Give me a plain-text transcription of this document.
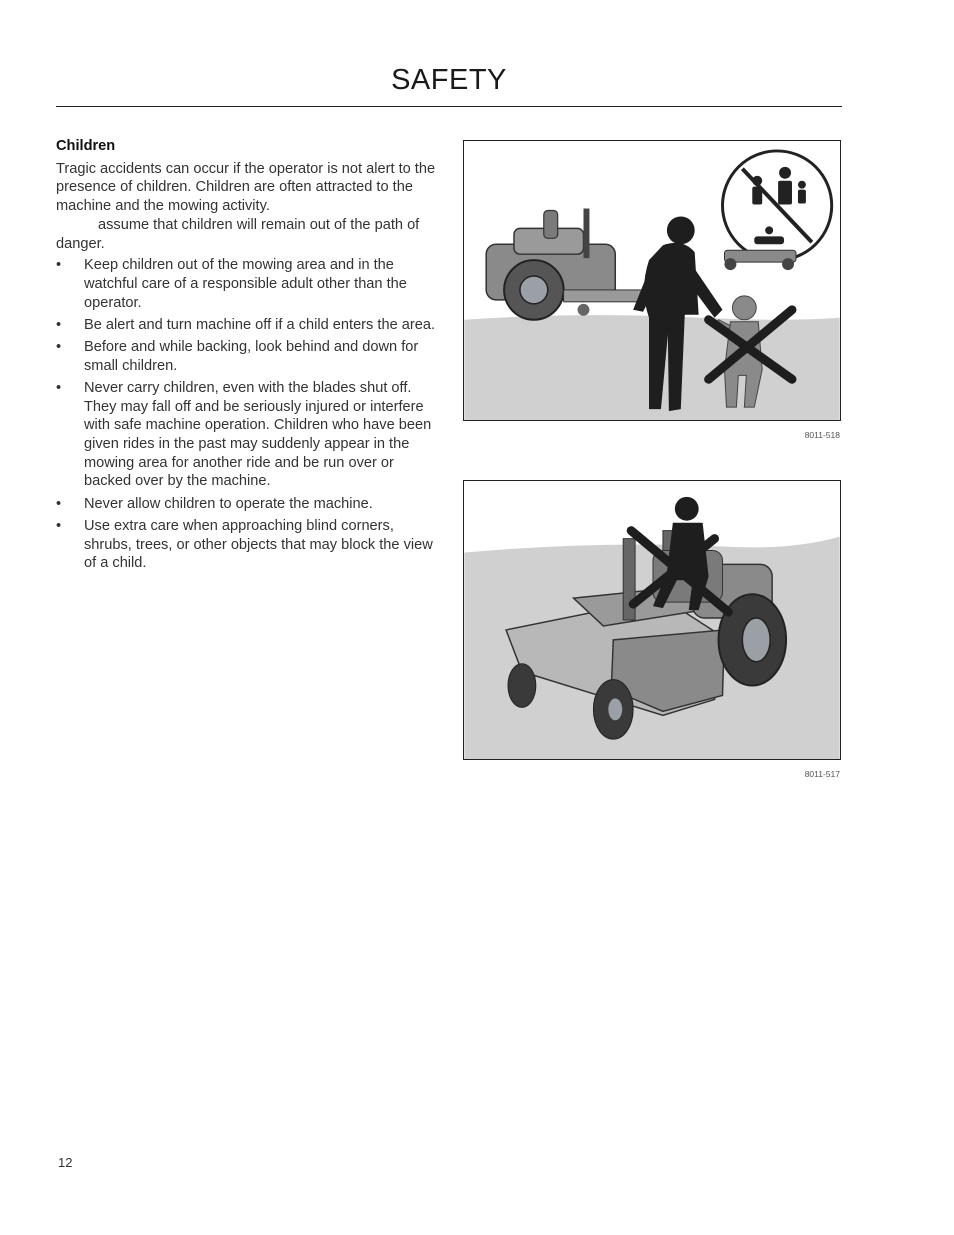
SAFETY
Children

Tragic accidents can occur if the operator is not alert to the presence of children. Children are often attracted to the machine and the mowing activity.
assume that children will remain out of the path of danger.

• Keep children out of the mowing area and in the watchful care of a responsible adult other than the operator.
• Be alert and turn machine off if a child enters the area.
• Before and while backing, look behind and down for small children.
• Never carry children, even with the blades shut off. They may fall off and be seriously injured or interfere with safe machine operation. Children who have been given rides in the past may suddenly appear in the mowing area for another ride and be run over or backed over by the machine.
• Never allow children to operate the machine.
• Use extra care when approaching blind corners, shrubs, trees, or other objects that may block the view of a child.
8011-518
8011-517
12
